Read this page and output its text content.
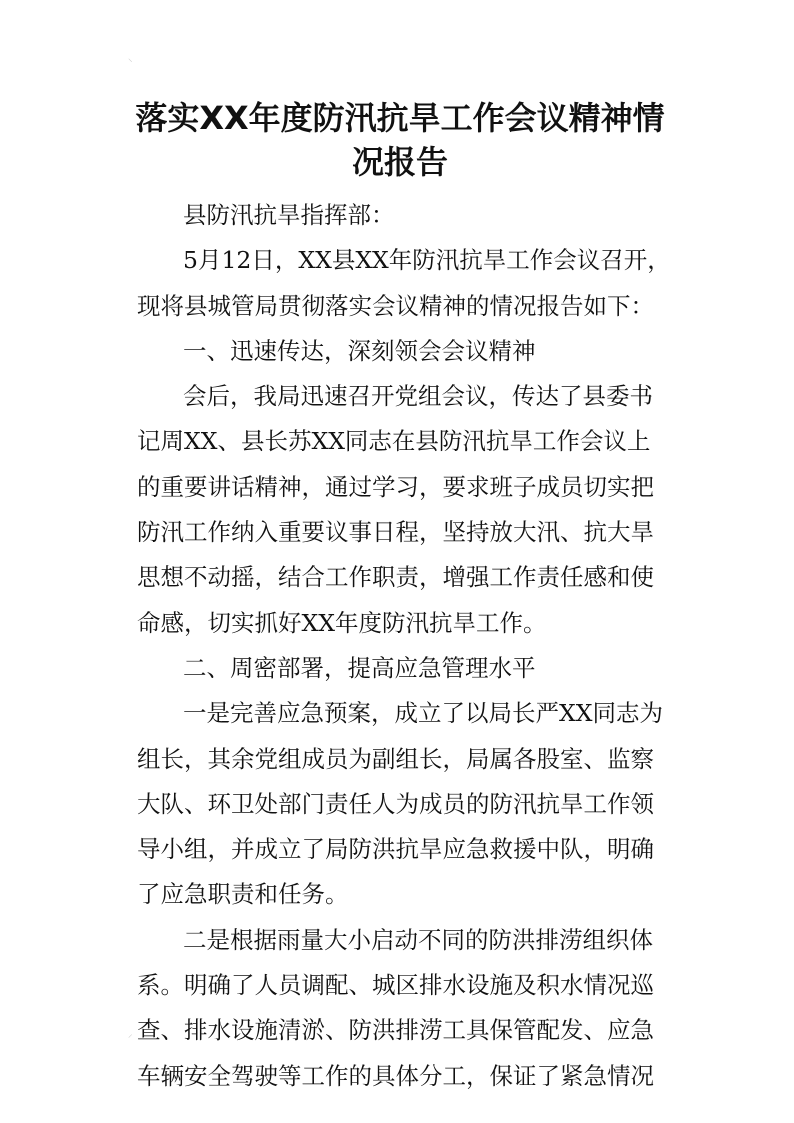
⸌
⸝
落实XX年度防汛抗旱工作会议精神情
况报告
县防汛抗旱指挥部：
5月12日，XX县XX年防汛抗旱工作会议召开，
现将县城管局贯彻落实会议精神的情况报告如下：
一、迅速传达，深刻领会会议精神
会后，我局迅速召开党组会议，传达了县委书
记周XX、县长苏XX同志在县防汛抗旱工作会议上
的重要讲话精神，通过学习，要求班子成员切实把
防汛工作纳入重要议事日程，坚持放大汛、抗大旱
思想不动摇，结合工作职责，增强工作责任感和使
命感，切实抓好XX年度防汛抗旱工作。
二、周密部署，提高应急管理水平
一是完善应急预案，成立了以局长严XX同志为
组长，其余党组成员为副组长，局属各股室、监察
大队、环卫处部门责任人为成员的防汛抗旱工作领
导小组，并成立了局防洪抗旱应急救援中队，明确
了应急职责和任务。
二是根据雨量大小启动不同的防洪排涝组织体
系。明确了人员调配、城区排水设施及积水情况巡
查、排水设施清淤、防洪排涝工具保管配发、应急
车辆安全驾驶等工作的具体分工，保证了紧急情况
